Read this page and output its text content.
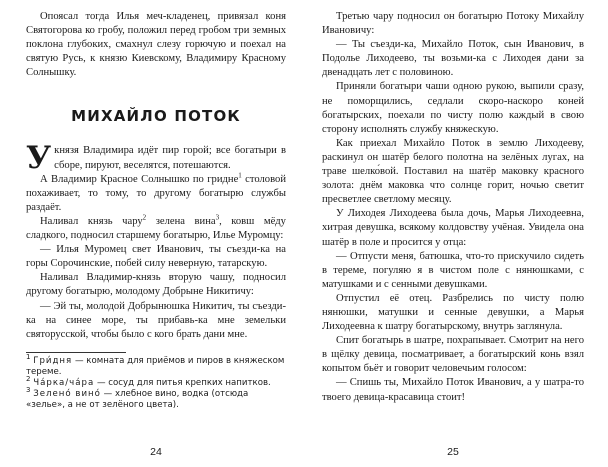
Опоясал тогда Илья меч-кладенец, привязал коня Святогорова ко гробу, положил перед гробом три земных поклона глубоких, смахнул слезу горючую и поехал на святую Русь, к князю Киевскому, Владимиру Красному Солнышку.

МИХАЙЛО ПОТОК

У князя Владимира идёт пир горой; все богатыри в сборе, пируют, веселятся, потешаются.

А Владимир Красное Солнышко по гридне$^1$ столовой похаживает, то тому, то другому богатырю службы раздаёт.

Наливал князь чару$^2$ зелена вина$^3$, ковш мёду сладкого, подносил старшему богатырю, Илье Муромцу:

— Илья Муромец свет Иванович, ты съезди-ка на горы Сорочинские, побей силу неверную, татарскую.

Наливал Владимир-князь вторую чашу, подносил другому богатырю, молодому Добрыне Никитичу:

— Эй ты, молодой Добрынюшка Никитич, ты съезди-ка на синее море, ты прибавь-ка мне земельки святорусской, чтобы было с кого брать дани мне.

$^1$ Гри́дня — комната для приёмов и пиров в княжеском тереме.
$^2$ Ча́рка/ча́ра — сосуд для питья крепких напитков.
$^3$ Зелено́ вино́ — хлебное вино, водка (отсюда «зелье», а не от зелёного цвета).
24

Третью чару подносил он богатырю Потоку Михайлу Ивановичу:

— Ты съезди-ка, Михайло Поток, сын Иванович, в Подолье Лиходеево, ты возьми-ка с Лиходея дани за двенадцать лет с половиною.

Приняли богатыри чаши одною рукою, выпили сразу, не поморщились, седлали скоро-наскоро коней богатырских, поехали по чисту полю каждый в свою сторону исполнять службу княжескую.

Как приехал Михайло Поток в землю Лиходееву, раскинул он шатёр белого полотна на зелёных лугах, на траве шелко́вой. Поставил на шатёр маковку красного золота: днём маковка что солнце горит, ночью светит пресветлее светлому месяцу.

У Лиходея Лиходеева была дочь, Марья Лиходеевна, хитрая девушка, всякому колдовству учёная. Увидела она шатёр в поле и просится у отца:

— Отпусти меня, батюшка, что-то прискучило сидеть в тереме, погуляю я в чистом поле с нянюшками, с матушками и с сенными девушками.

Отпустил её отец. Разбрелись по чисту полю нянюшки, матушки и сенные девушки, а Марья Лиходеевна к шатру богатырскому, внутрь заглянула.

Спит богатырь в шатре, похрапывает. Смотрит на него в щёлку девица, посматривает, а богатырский конь взял копытом бьёт и говорит человечьим голосом:

— Спишь ты, Михайло Поток Иванович, а у шатра-то твоего девица-красавица стоит!

25
